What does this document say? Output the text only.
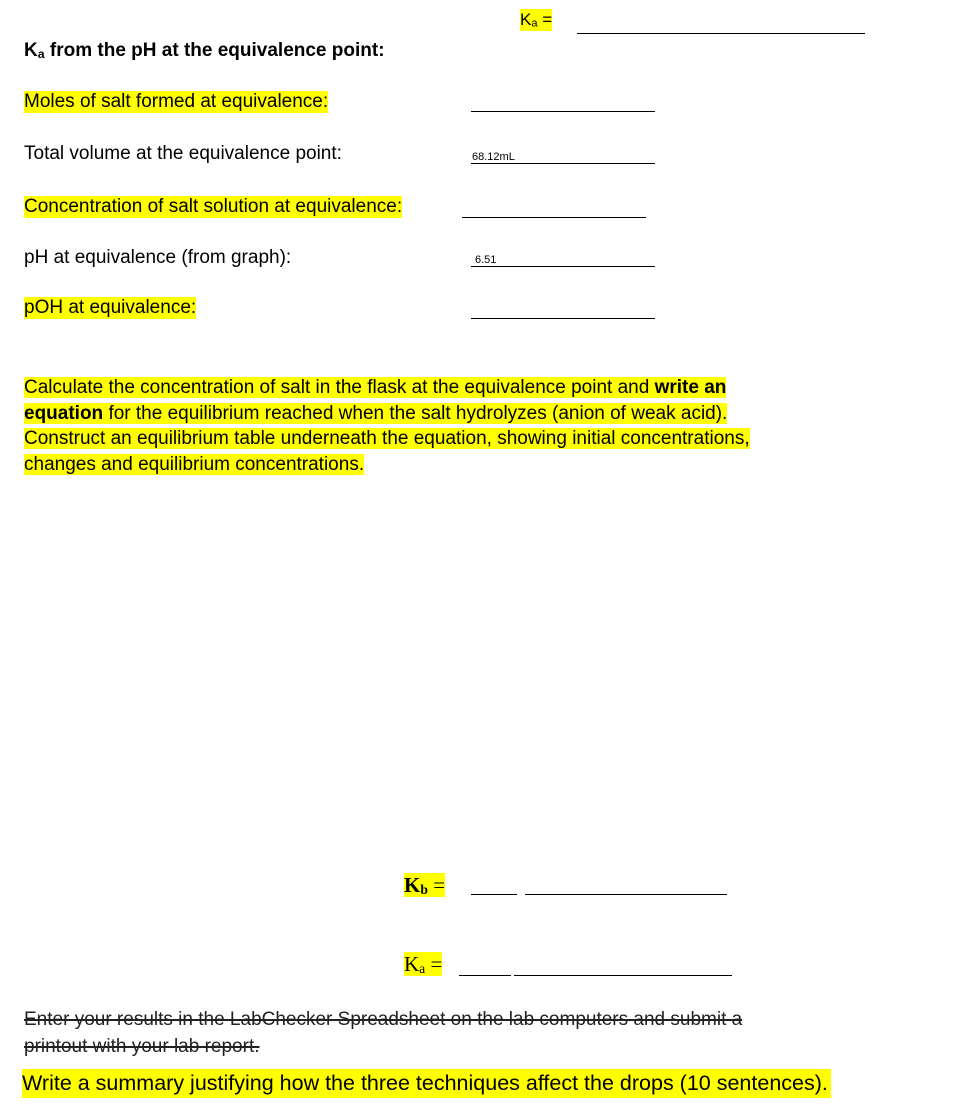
$K_a$ =
$K_a$ from the pH at the equivalence point:
Moles of salt formed at equivalence:
Total volume at the equivalence point:	68.12mL
Concentration of salt solution at equivalence:
pH at equivalence (from graph):	6.51
pOH at equivalence:
Calculate the concentration of salt in the flask at the equivalence point and write an
equation for the equilibrium reached when the salt hydrolyzes (anion of weak acid).
Construct an equilibrium table underneath the equation, showing initial concentrations,
changes and equilibrium concentrations.
$K_b$ =
$K_a$ =
Enter your results in the LabChecker Spreadsheet on the lab computers and submit a
printout with your lab report.
Write a summary justifying how the three techniques affect the drops (10 sentences).
